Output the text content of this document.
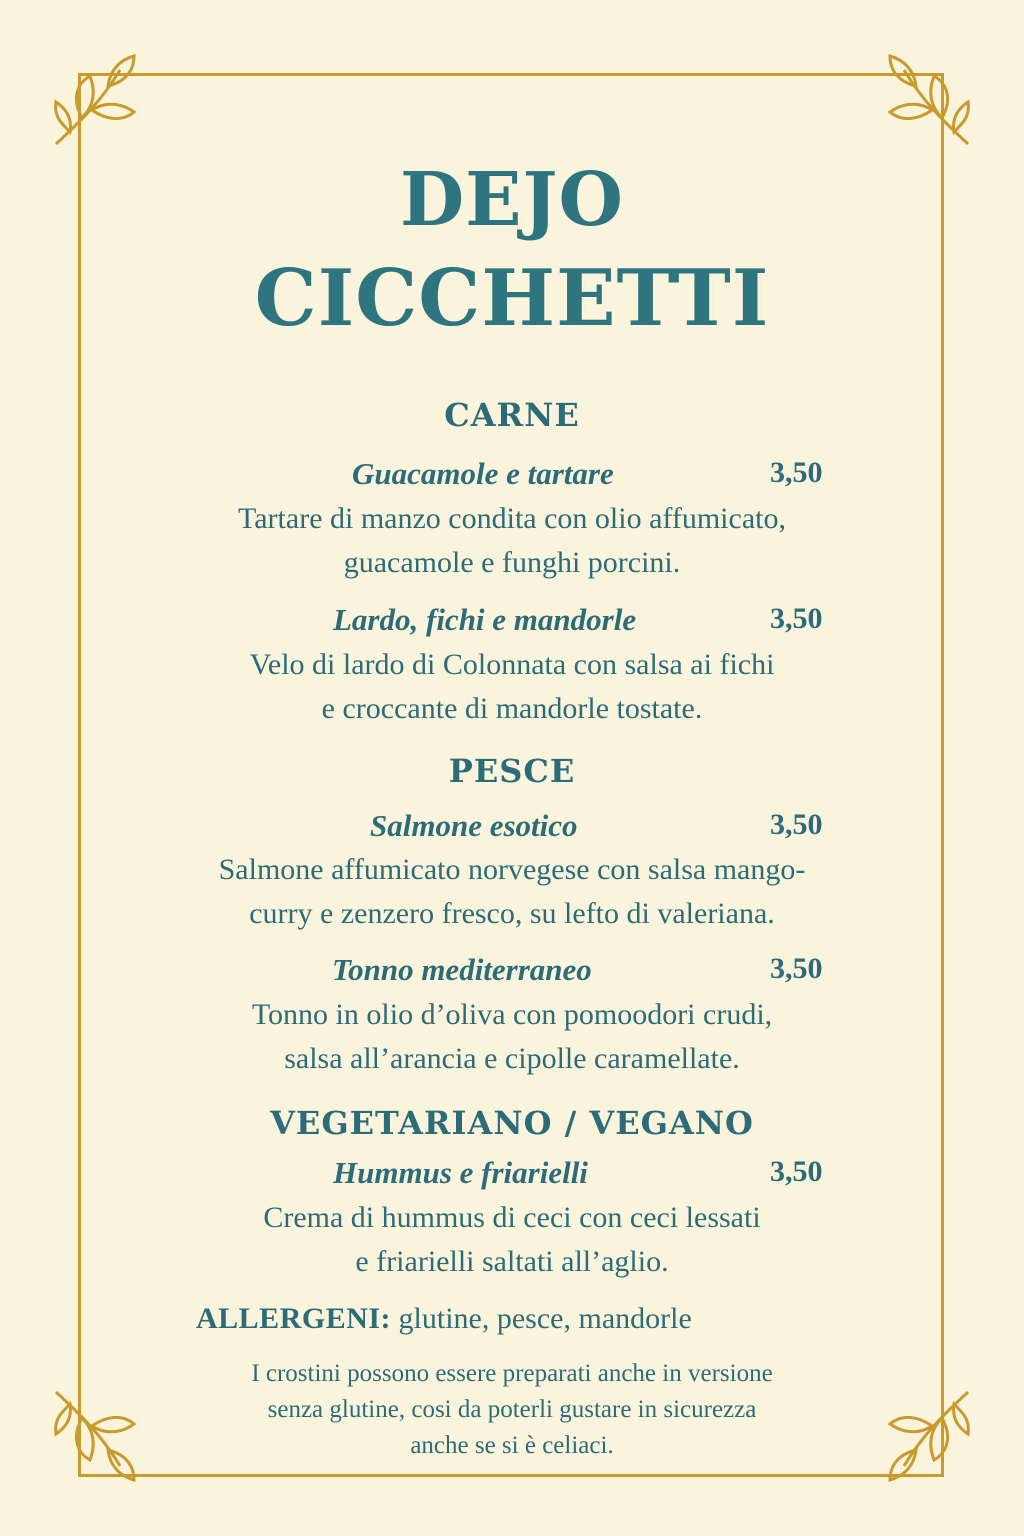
DEJO
CICCHETTI
CARNE
Guacamole e tartare	3,50
Tartare di manzo condita con olio affumicato,
guacamole e funghi porcini.
Lardo, fichi e mandorle	3,50
Velo di lardo di Colonnata con salsa ai fichi
e croccante di mandorle tostate.
PESCE
Salmone esotico	3,50
Salmone affumicato norvegese con salsa mango-
curry e zenzero fresco, su lefto di valeriana.
Tonno mediterraneo	3,50
Tonno in olio d’oliva con pomoodori crudi,
salsa all’arancia e cipolle caramellate.
VEGETARIANO / VEGANO
Hummus e friarielli	3,50
Crema di hummus di ceci con ceci lessati
e friarielli saltati all’aglio.
ALLERGENI: glutine, pesce, mandorle
I crostini possono essere preparati anche in versione
senza glutine, cosi da poterli gustare in sicurezza
anche se si è celiaci.
